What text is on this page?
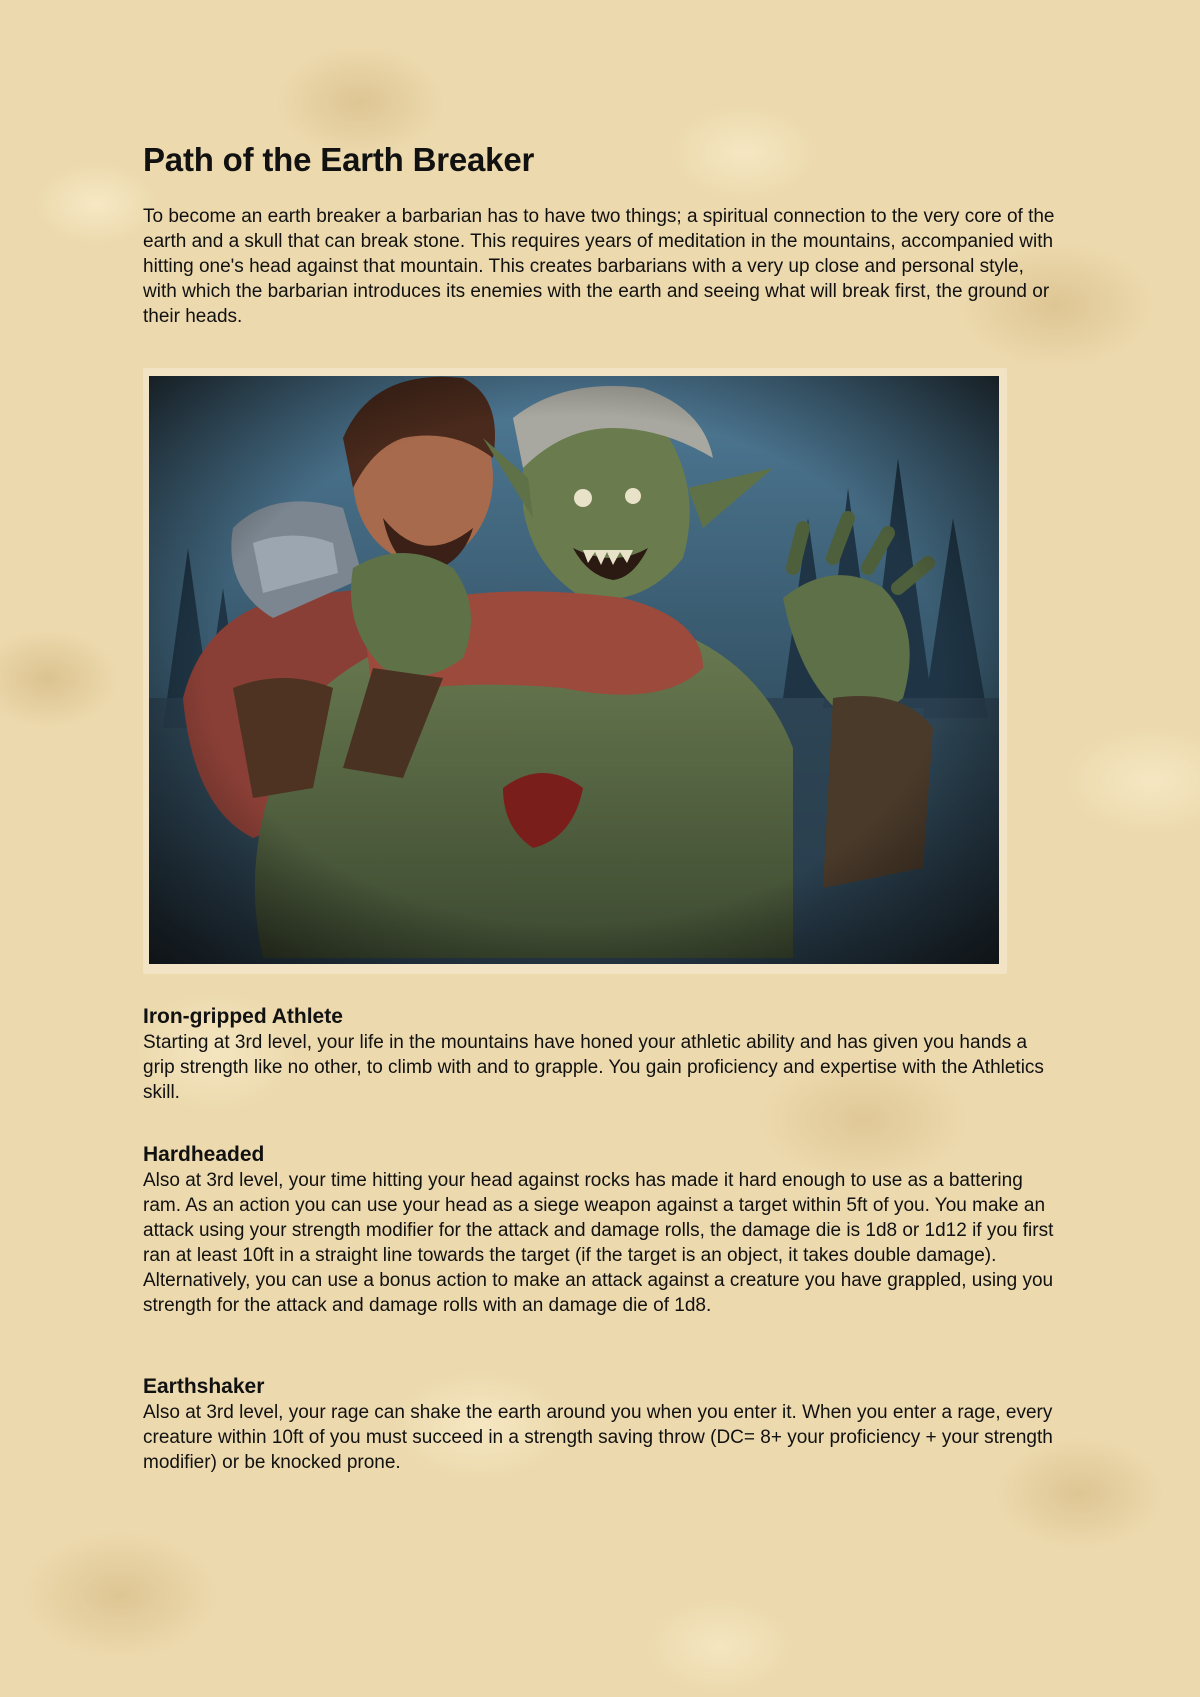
Path of the Earth Breaker

To become an earth breaker a barbarian has to have two things; a spiritual connection to the very core of the earth and a skull that can break stone. This requires years of meditation in the mountains, accompanied with hitting one's head against that mountain. This creates barbarians with a very up close and personal style, with which the barbarian introduces its enemies with the earth and seeing what will break first, the ground or their heads.

Iron-gripped Athlete

Starting at 3rd level, your life in the mountains have honed your athletic ability and has given you hands a grip strength like no other, to climb with and to grapple. You gain proficiency and expertise with the Athletics skill.

Hardheaded

Also at 3rd level, your time hitting your head against rocks has made it hard enough to use as a battering ram. As an action you can use your head as a siege weapon against a target within 5ft of you. You make an attack using your strength modifier for the attack and damage rolls, the damage die is 1d8 or 1d12 if you first ran at least 10ft in a straight line towards the target (if the target is an object, it takes double damage). Alternatively, you can use a bonus action to make an attack against a creature you have grappled, using you strength for the attack and damage rolls with an damage die of 1d8.

Earthshaker

Also at 3rd level, your rage can shake the earth around you when you enter it. When you enter a rage, every creature within 10ft of you must succeed in a strength saving throw (DC= 8+ your proficiency + your strength modifier) or be knocked prone.
